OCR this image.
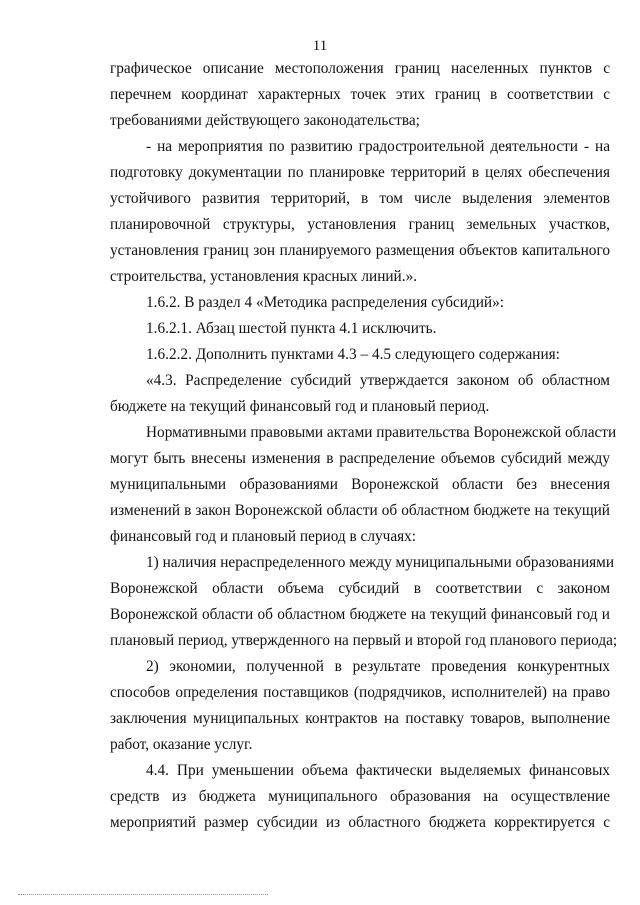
11
графическое описание местоположения границ населенных пунктов с
перечнем координат характерных точек этих границ в соответствии с
требованиями действующего законодательства;
- на мероприятия по развитию градостроительной деятельности - на
подготовку документации по планировке территорий в целях обеспечения
устойчивого развития территорий, в том числе выделения элементов
планировочной структуры, установления границ земельных участков,
установления границ зон планируемого размещения объектов капитального
строительства, установления красных линий.».
1.6.2. В раздел 4 «Методика распределения субсидий»:
1.6.2.1. Абзац шестой пункта 4.1 исключить.
1.6.2.2. Дополнить пунктами 4.3 – 4.5 следующего содержания:
«4.3. Распределение субсидий утверждается законом об областном
бюджете на текущий финансовый год и плановый период.
Нормативными правовыми актами правительства Воронежской области
могут быть внесены изменения в распределение объемов субсидий между
муниципальными образованиями Воронежской области без внесения
изменений в закон Воронежской области об областном бюджете на текущий
финансовый год и плановый период в случаях:
1) наличия нераспределенного между муниципальными образованиями
Воронежской области объема субсидий в соответствии с законом
Воронежской области об областном бюджете на текущий финансовый год и
плановый период, утвержденного на первый и второй год планового периода;
2) экономии, полученной в результате проведения конкурентных
способов определения поставщиков (подрядчиков, исполнителей) на право
заключения муниципальных контрактов на поставку товаров, выполнение
работ, оказание услуг.
4.4. При уменьшении объема фактически выделяемых финансовых
средств из бюджета муниципального образования на осуществление
мероприятий размер субсидии из областного бюджета корректируется с
